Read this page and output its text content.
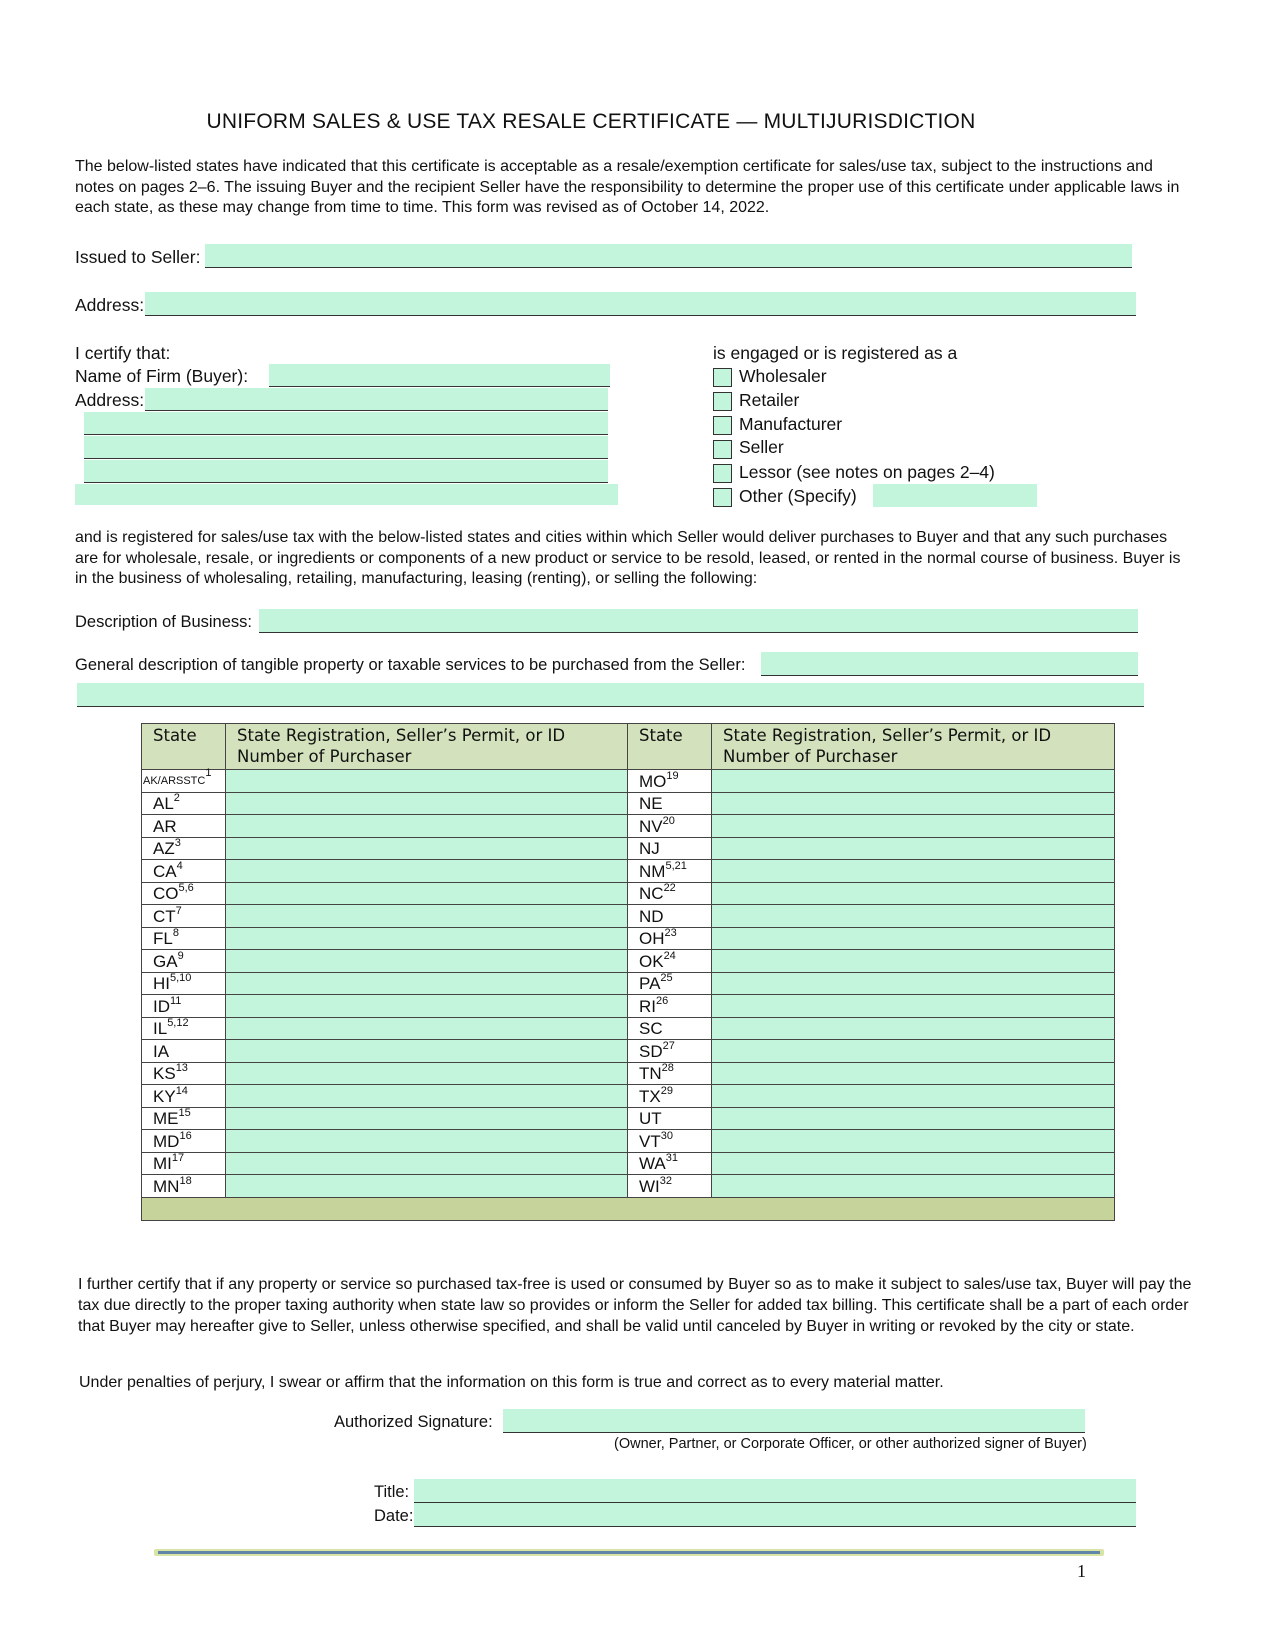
UNIFORM SALES & USE TAX RESALE CERTIFICATE — MULTIJURISDICTION
The below-listed states have indicated that this certificate is acceptable as a resale/exemption certificate for sales/use tax, subject to the instructions and notes on pages 2–6. The issuing Buyer and the recipient Seller have the responsibility to determine the proper use of this certificate under applicable laws in each state, as these may change from time to time. This form was revised as of October 14, 2022.
Issued to Seller:
Address:
I certify that:
Name of Firm (Buyer):
Address:
is engaged or is registered as a
Wholesaler
Retailer
Manufacturer
Seller
Lessor (see notes on pages 2–4)
Other (Specify)
and is registered for sales/use tax with the below-listed states and cities within which Seller would deliver purchases to Buyer and that any such purchases are for wholesale, resale, or ingredients or components of a new product or service to be resold, leased, or rented in the normal course of business. Buyer is in the business of wholesaling, retailing, manufacturing, leasing (renting), or selling the following:
Description of Business:
General description of tangible property or taxable services to be purchased from the Seller:
State	State Registration, Seller’s Permit, or ID Number of Purchaser	State	State Registration, Seller’s Permit, or ID Number of Purchaser
AK/ARSSTC$^1$		MO$^{19}$	
$AL^2$		NE	
AR		NV$^{20}$	
$AZ^3$		NJ	
$CA^4$		NM$^{5,21}$	
CO$^{5,6}$		NC$^{22}$	
$CT^7$		ND	
$FL^8$		OH$^{23}$	
$GA^9$		OK$^{24}$	
HI$^{5,10}$		PA$^{25}$	
ID$^{11}$		RI$^{26}$	
IL$^{5,12}$		SC	
IA		SD$^{27}$	
KS$^{13}$		TN$^{28}$	
KY$^{14}$		TX$^{29}$	
ME$^{15}$		UT	
MD$^{16}$		VT$^{30}$	
MI$^{17}$		WA$^{31}$	
MN$^{18}$		WI$^{32}$	

I further certify that if any property or service so purchased tax-free is used or consumed by Buyer so as to make it subject to sales/use tax, Buyer will pay the tax due directly to the proper taxing authority when state law so provides or inform the Seller for added tax billing. This certificate shall be a part of each order that Buyer may hereafter give to Seller, unless otherwise specified, and shall be valid until canceled by Buyer in writing or revoked by the city or state.
Under penalties of perjury, I swear or affirm that the information on this form is true and correct as to every material matter.
Authorized Signature:
(Owner, Partner, or Corporate Officer, or other authorized signer of Buyer)
Title:
Date:
1
